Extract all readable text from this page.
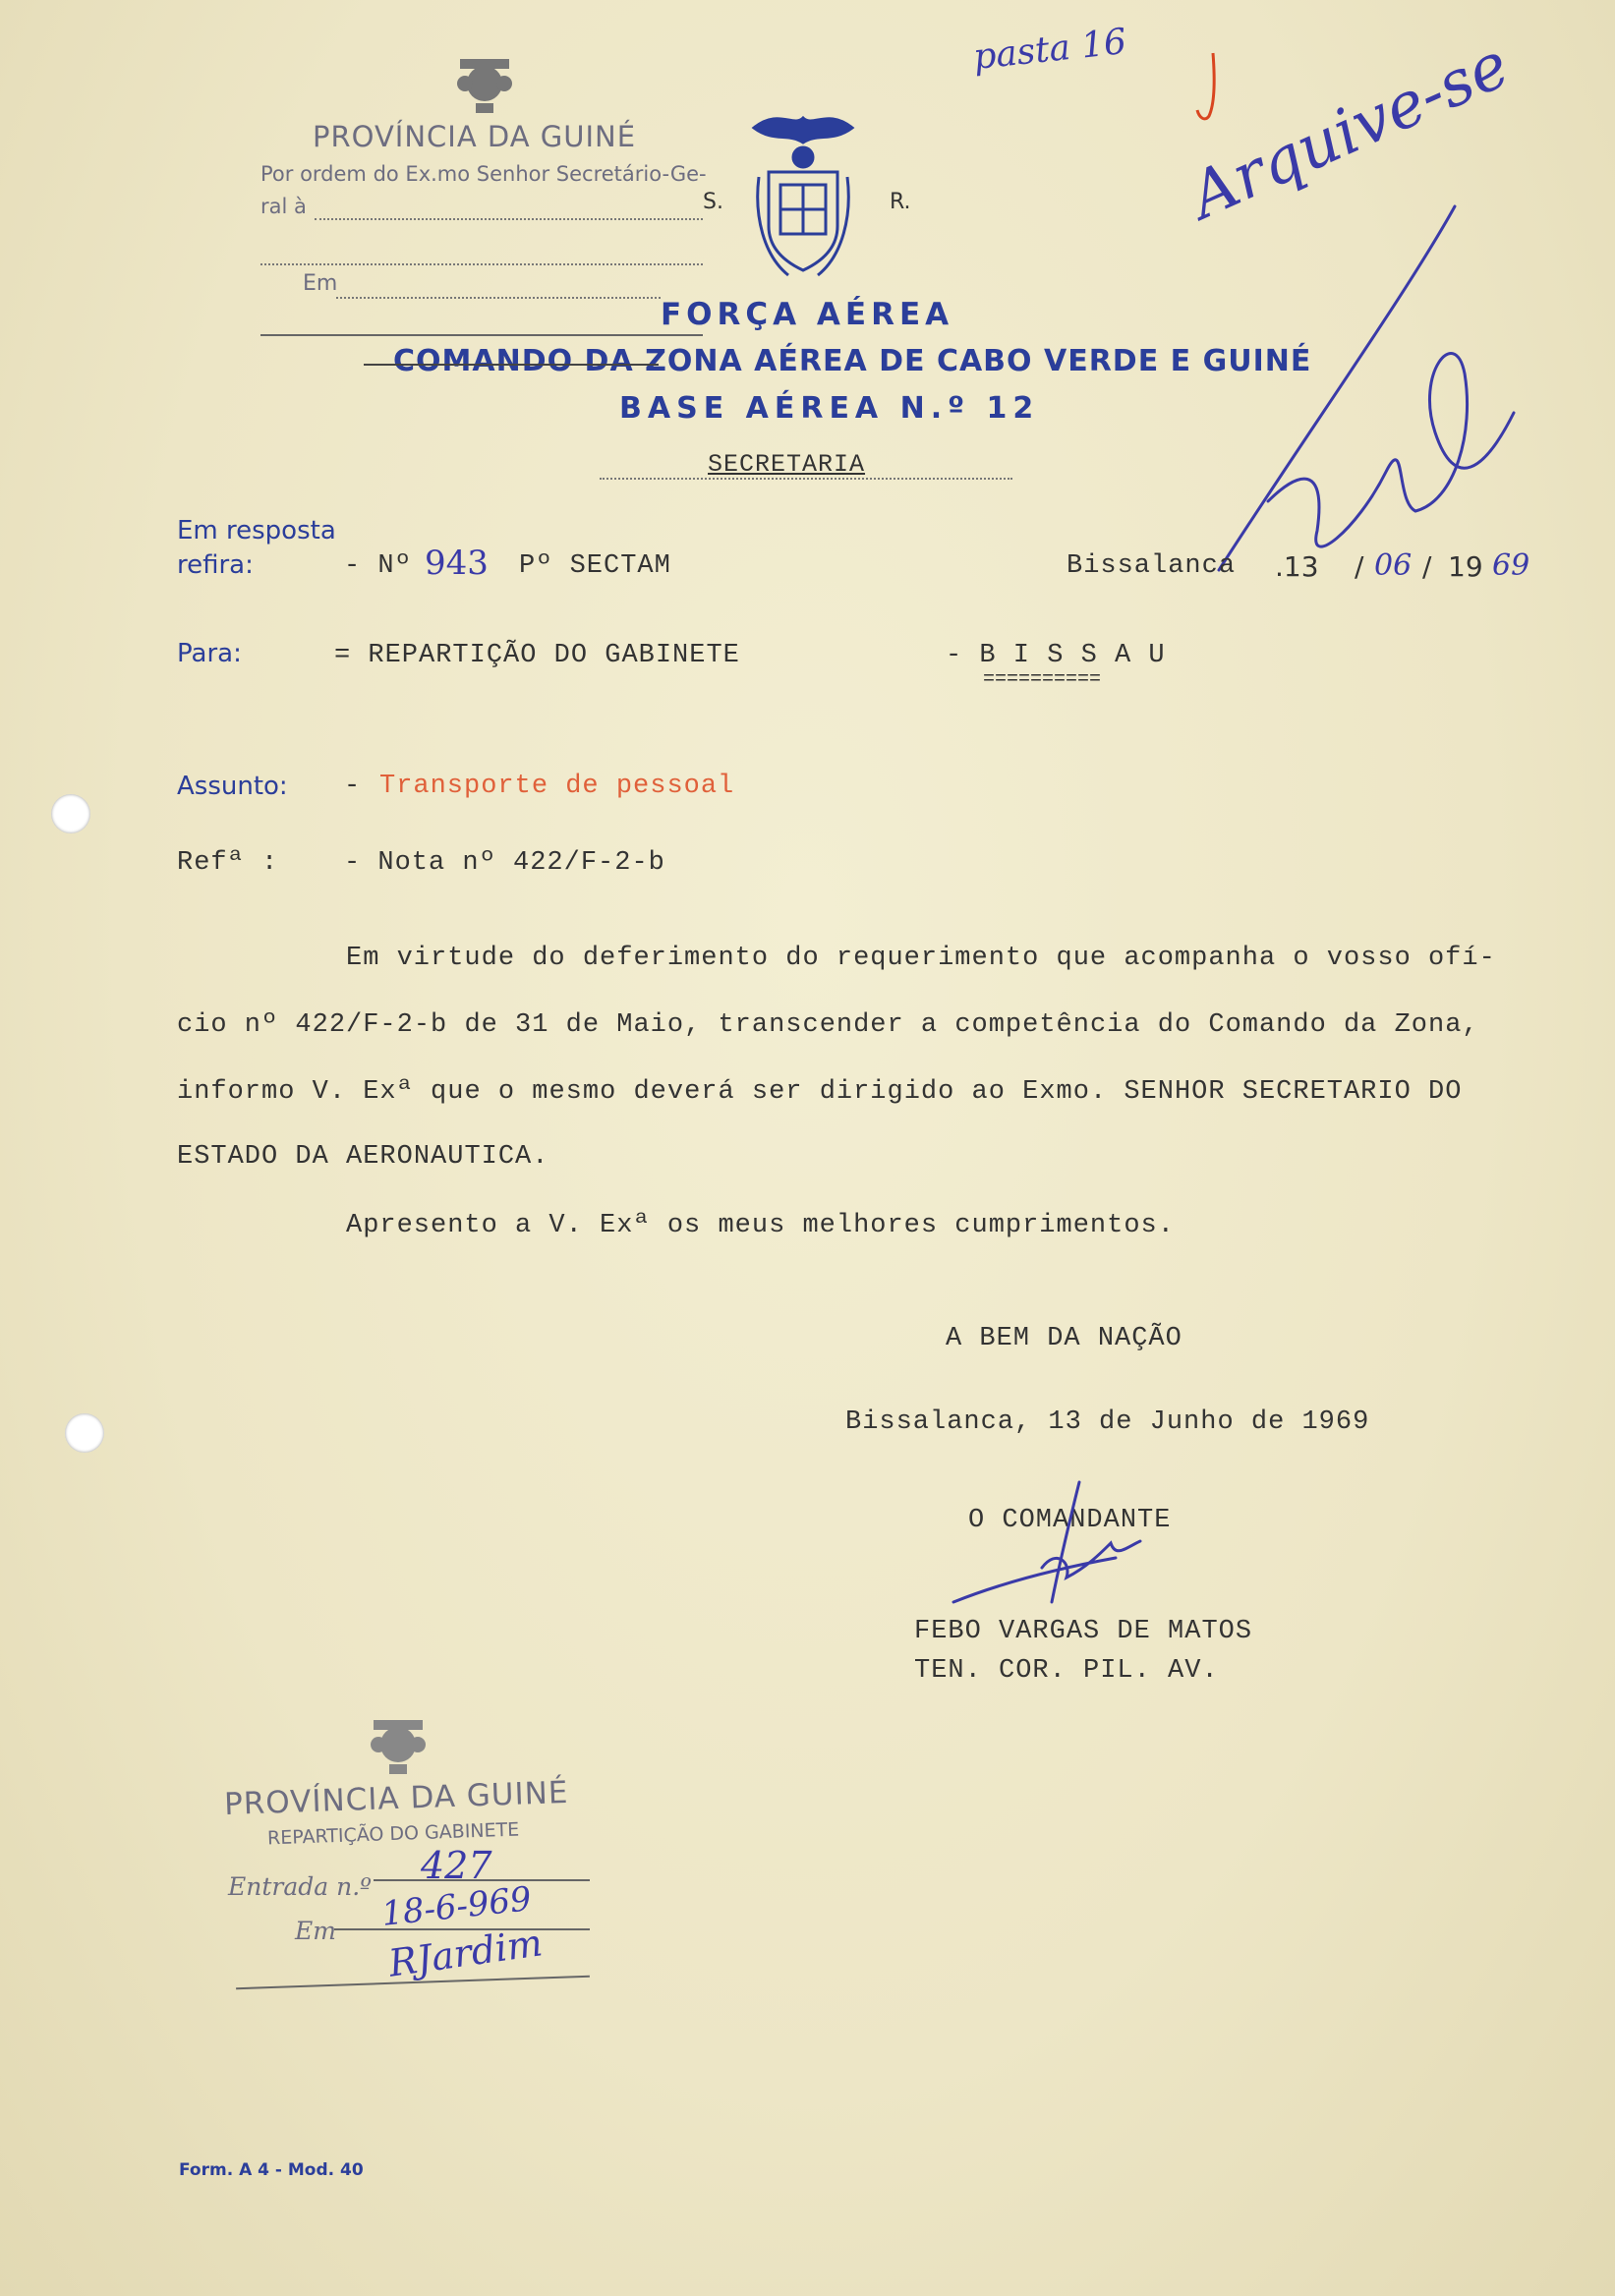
pasta 16 Arquive-se
PROVÍNCIA DA GUINÉ
Por ordem do Ex.mo Senhor Secretário-Ge-
ral à	S.
Em
R.
FORÇA AÉREA
COMANDO DA ZONA AÉREA DE CABO VERDE E GUINÉ
BASE AÉREA N.º 12
SECRETARIA
Em resposta
refira:	- Nº 943 Pº SECTAM	Bissalanca .13 / 06 / 19 69
Para:	= REPARTIÇÃO DO GABINETE	- B I S S A U
==========
Assunto: - Transporte de pessoal
Refª : - Nota nº 422/F-2-b
Em virtude do deferimento do requerimento que acompanha o vosso ofí-
cio nº 422/F-2-b de 31 de Maio, transcender a competência do Comando da Zona,
informo V. Exª que o mesmo deverá ser dirigido ao Exmo. SENHOR SECRETARIO DO
ESTADO DA AERONAUTICA.
Apresento a V. Exª os meus melhores cumprimentos.
A BEM DA NAÇÃO
Bissalanca, 13 de Junho de 1969
O COMANDANTE
FEBO VARGAS DE MATOS
TEN. COR. PIL. AV.
PROVÍNCIA DA GUINÉ
REPARTIÇÃO DO GABINETE
Entrada n.º 427
Em 18-6-969
RJardim
Form. A 4 - Mod. 40
